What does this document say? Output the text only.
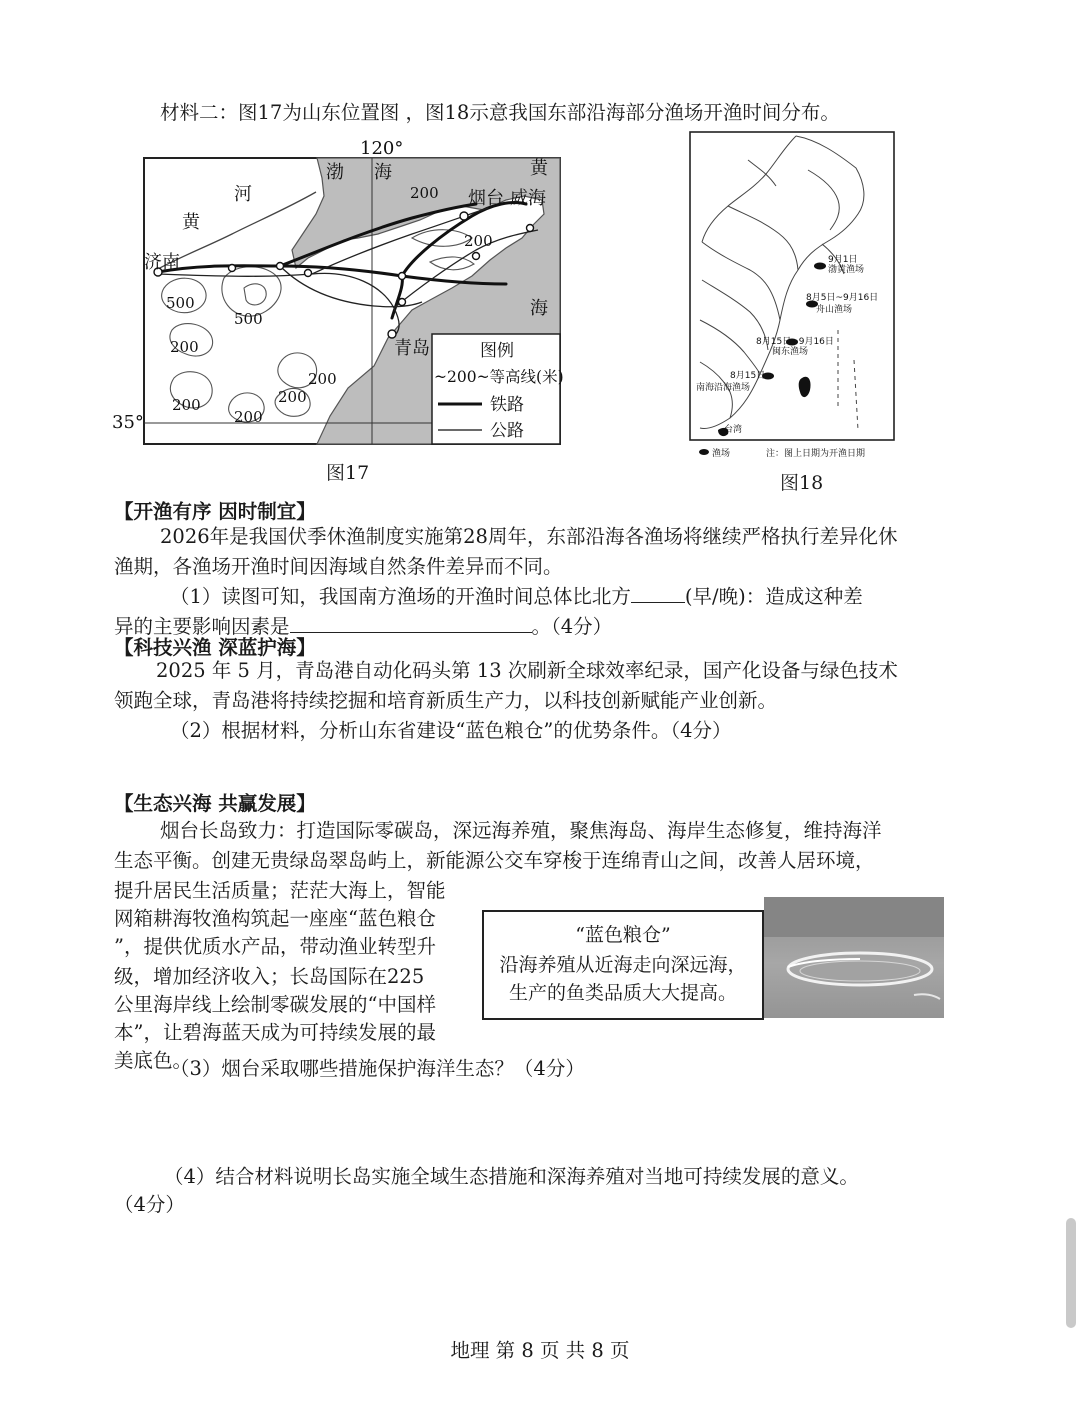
材料二：图17为山东位置图 ，图18示意我国东部沿海部分渔场开渔时间分布。
120°
35°
渤 海	黄
海
黄
河
济南
烟台 威海
青岛
200
200
500
500
200
200
200
200
200
图例
~200~等高线(米)
铁路
公路
图17
9月1日
渤黄渔场
8月5日~9月16日
舟山渔场
8月15日~9月16日
闽东渔场
8月15日
南海沿海渔场
台湾
渔场	注：图上日期为开渔日期
图18
【开渔有序 因时制宜】
2026年是我国伏季休渔制度实施第28周年，东部沿海各渔场将继续严格执行差异化休
渔期，各渔场开渔时间因海域自然条件差异而不同。
（1）读图可知，我国南方渔场的开渔时间总体比北方	(早/晚)：造成这种差
异的主要影响因素是	。（4分）
【科技兴渔 深蓝护海】
2025 年 5 月，青岛港自动化码头第 13 次刷新全球效率纪录，国产化设备与绿色技术
领跑全球，青岛港将持续挖掘和培育新质生产力，以科技创新赋能产业创新。
（2）根据材料，分析山东省建设“蓝色粮仓”的优势条件。（4分）
【生态兴海 共赢发展】
烟台长岛致力：打造国际零碳岛，深远海养殖，聚焦海岛、海岸生态修复，维持海洋
生态平衡。创建无贵绿岛翠岛屿上，新能源公交车穿梭于连绵青山之间，改善人居环境，
提升居民生活质量；茫茫大海上，智能
网箱耕海牧渔构筑起一座座“蓝色粮仓
”，提供优质水产品，带动渔业转型升
级，增加经济收入；长岛国际在225
公里海岸线上绘制零碳发展的“中国样
本”，让碧海蓝天成为可持续发展的最
美底色。
“蓝色粮仓”
沿海养殖从近海走向深远海，
生产的鱼类品质大大提高。
（3）烟台采取哪些措施保护海洋生态？（4分）
（4）结合材料说明长岛实施全域生态措施和深海养殖对当地可持续发展的意义。
（4分）
地理 第 8 页 共 8 页
